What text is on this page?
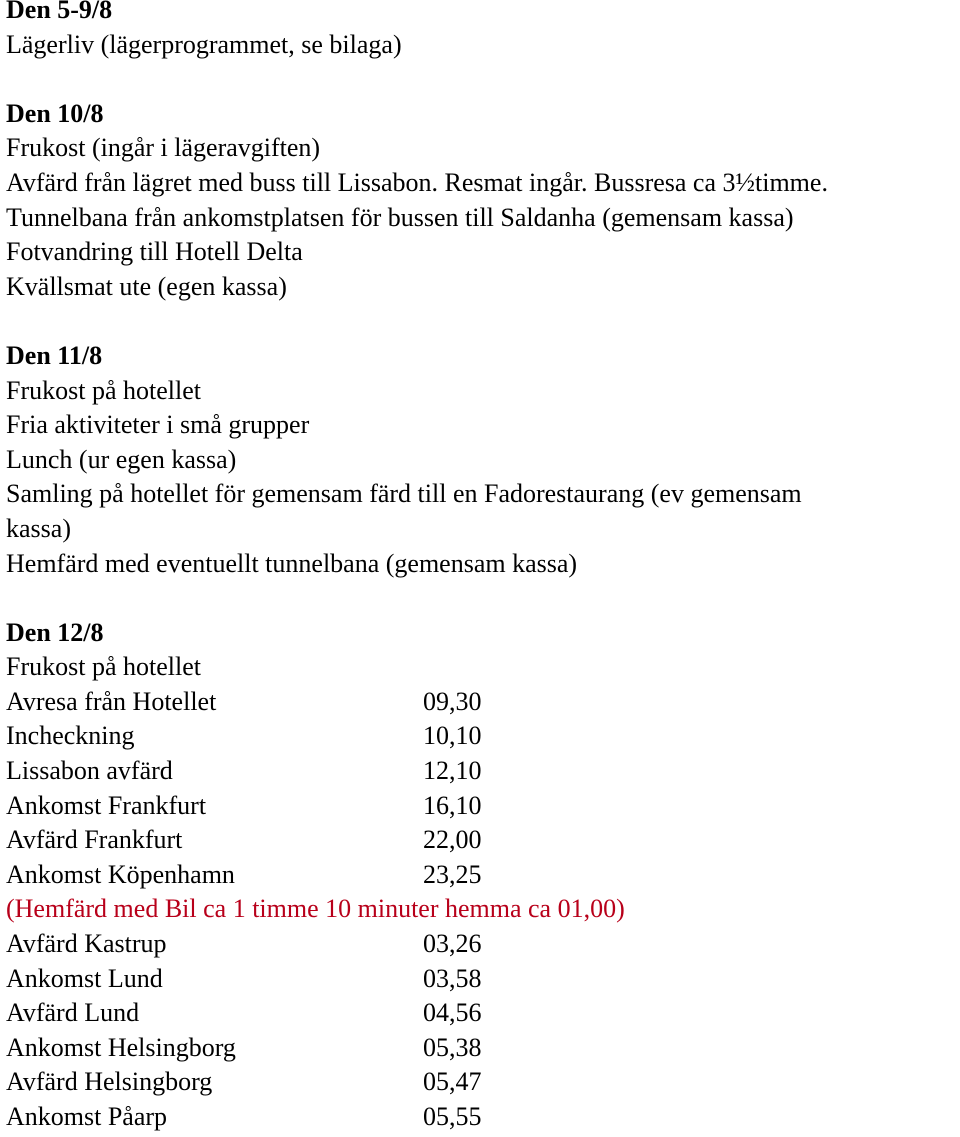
Den 5-9/8
Lägerliv (lägerprogrammet, se bilaga)
Den 10/8
Frukost (ingår i lägeravgiften)
Avfärd från lägret med buss till Lissabon. Resmat ingår. Bussresa ca 3½timme.
Tunnelbana från ankomstplatsen för bussen till Saldanha (gemensam kassa)
Fotvandring till Hotell Delta
Kvällsmat ute (egen kassa)
Den 11/8
Frukost på hotellet
Fria aktiviteter i små grupper
Lunch (ur egen kassa)
Samling på hotellet för gemensam färd till en Fadorestaurang (ev gemensam
kassa)
Hemfärd med eventuellt tunnelbana (gemensam kassa)
Den 12/8
Frukost på hotellet
Avresa från Hotellet	09,30
Incheckning	10,10
Lissabon avfärd	12,10
Ankomst Frankfurt	16,10
Avfärd Frankfurt	22,00
Ankomst Köpenhamn	23,25
(Hemfärd med Bil ca 1 timme 10 minuter hemma ca 01,00)
Avfärd Kastrup	03,26
Ankomst Lund	03,58
Avfärd Lund	04,56
Ankomst Helsingborg	05,38
Avfärd Helsingborg	05,47
Ankomst Påarp	05,55
